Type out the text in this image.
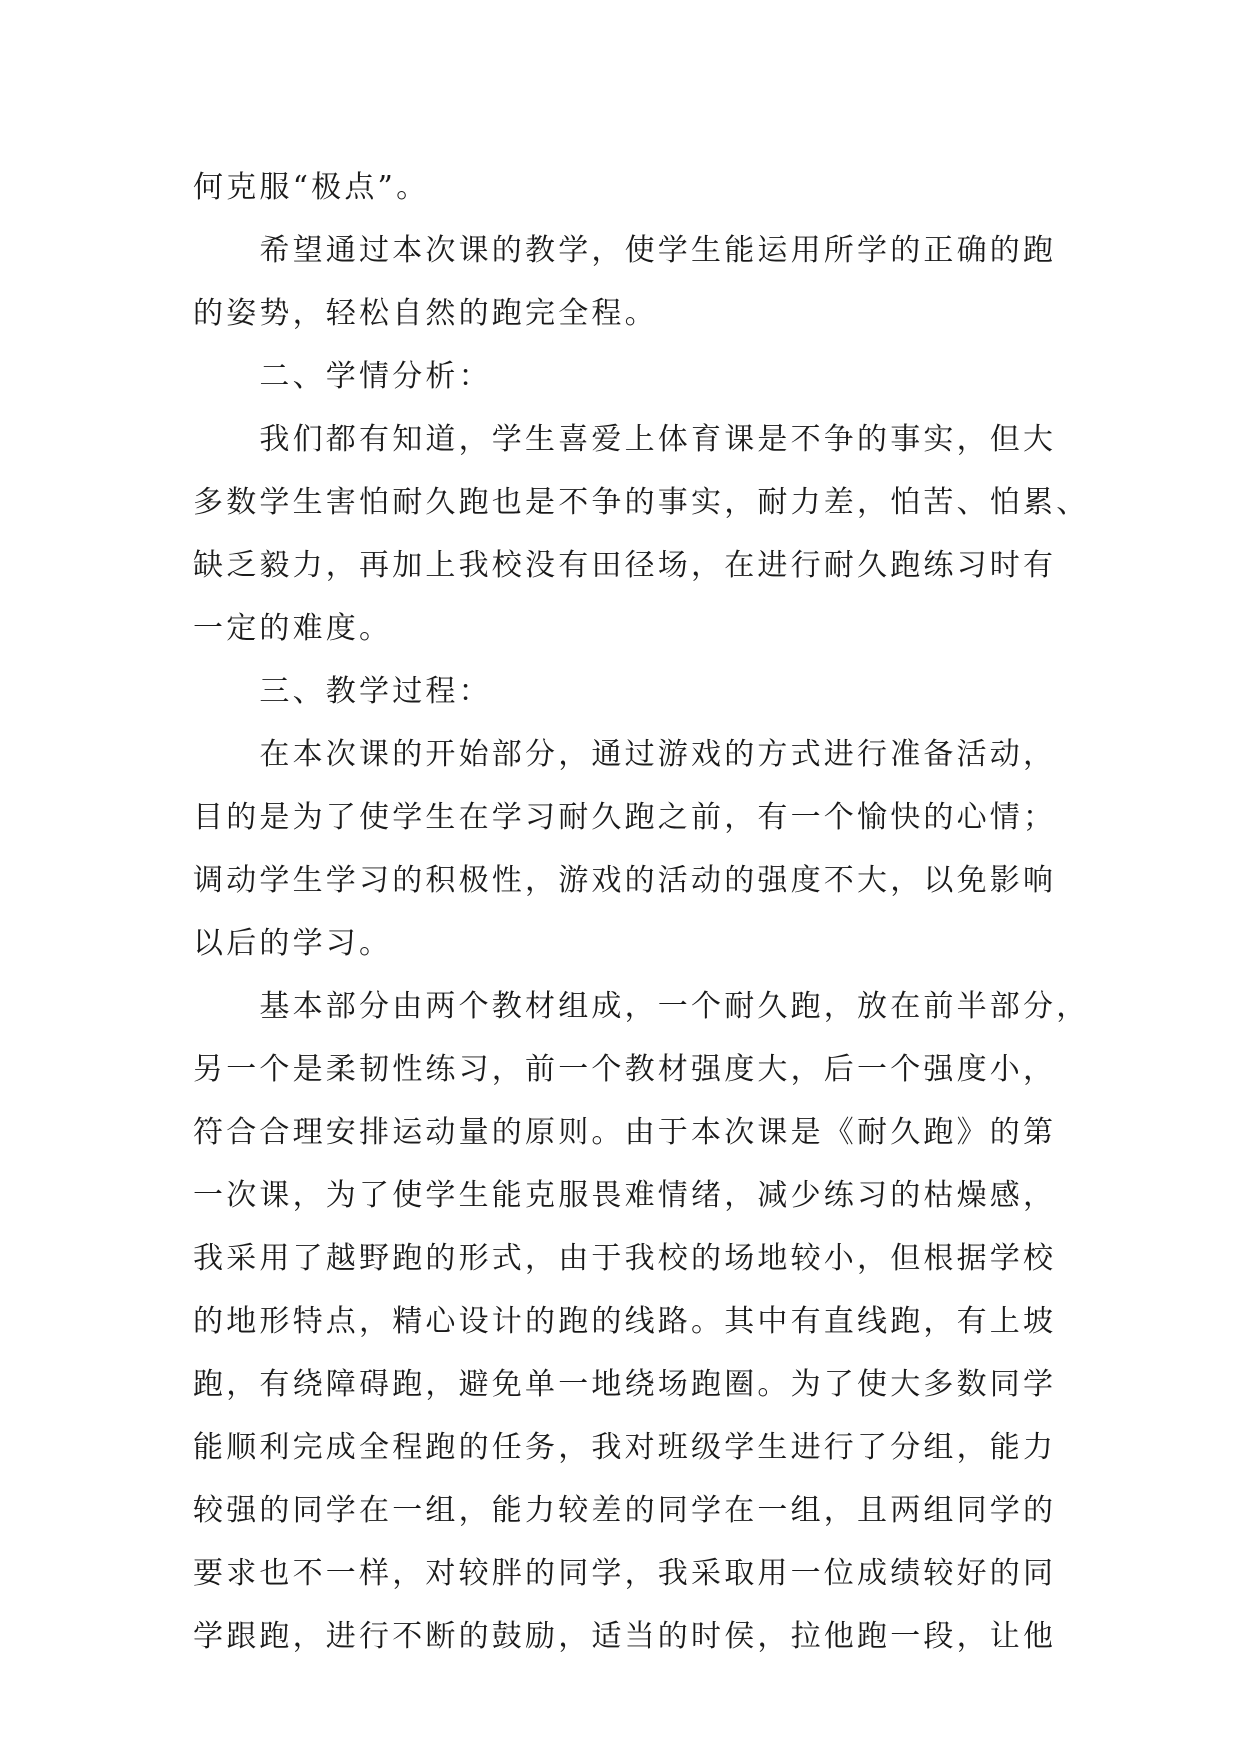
何克服“极点”。
　　希望通过本次课的教学，使学生能运用所学的正确的跑
的姿势，轻松自然的跑完全程。
　　二、学情分析：
　　我们都有知道，学生喜爱上体育课是不争的事实，但大
多数学生害怕耐久跑也是不争的事实，耐力差，怕苦、怕累、
缺乏毅力，再加上我校没有田径场，在进行耐久跑练习时有
一定的难度。
　　三、教学过程：
　　在本次课的开始部分，通过游戏的方式进行准备活动，
目的是为了使学生在学习耐久跑之前，有一个愉快的心情；
调动学生学习的积极性，游戏的活动的强度不大，以免影响
以后的学习。
　　基本部分由两个教材组成，一个耐久跑，放在前半部分，
另一个是柔韧性练习，前一个教材强度大，后一个强度小，
符合合理安排运动量的原则。由于本次课是《耐久跑》的第
一次课，为了使学生能克服畏难情绪，减少练习的枯燥感，
我采用了越野跑的形式，由于我校的场地较小，但根据学校
的地形特点，精心设计的跑的线路。其中有直线跑，有上坡
跑，有绕障碍跑，避免单一地绕场跑圈。为了使大多数同学
能顺利完成全程跑的任务，我对班级学生进行了分组，能力
较强的同学在一组，能力较差的同学在一组，且两组同学的
要求也不一样，对较胖的同学，我采取用一位成绩较好的同
学跟跑，进行不断的鼓励，适当的时侯，拉他跑一段，让他
